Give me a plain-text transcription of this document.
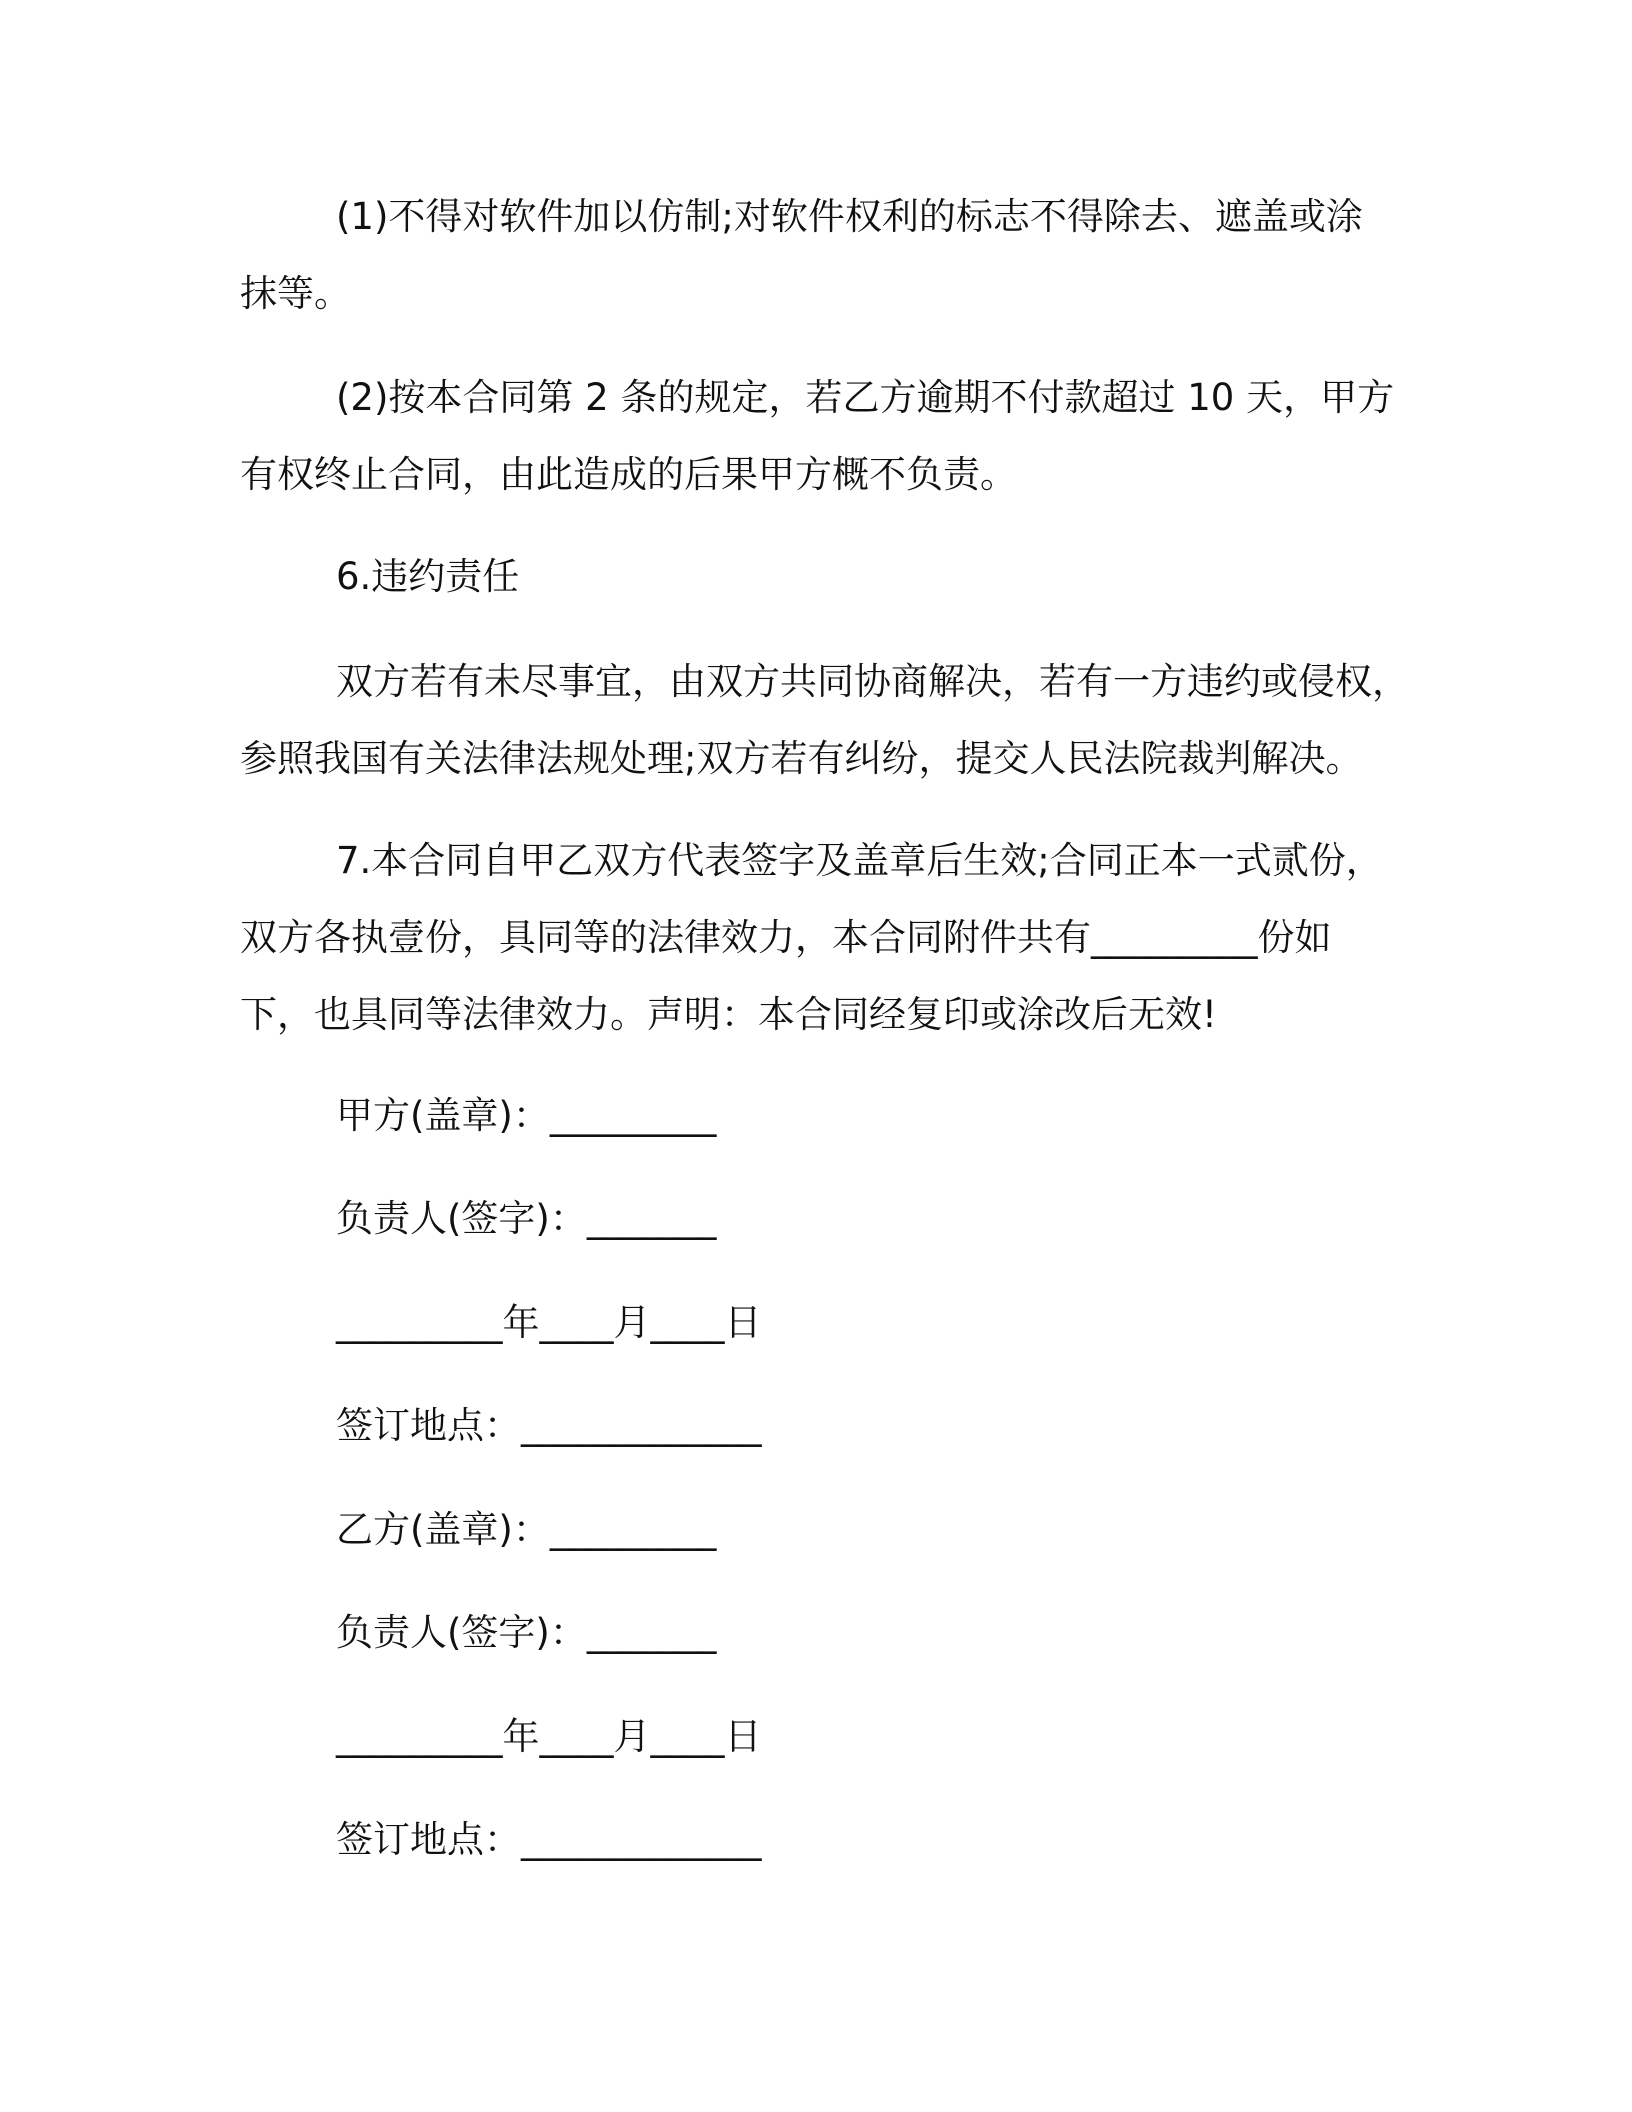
(1)不得对软件加以仿制;对软件权利的标志不得除去、遮盖或涂
抹等。
(2)按本合同第 2 条的规定，若乙方逾期不付款超过 10 天，甲方
有权终止合同，由此造成的后果甲方概不负责。
6.违约责任
双方若有未尽事宜，由双方共同协商解决，若有一方违约或侵权，
参照我国有关法律法规处理;双方若有纠纷，提交人民法院裁判解决。
7.本合同自甲乙双方代表签字及盖章后生效;合同正本一式贰份，
双方各执壹份，具同等的法律效力，本合同附件共有_________份如
下，也具同等法律效力。声明：本合同经复印或涂改后无效!
甲方(盖章)：_________
负责人(签字)：_______
_________年____月____日
签订地点：_____________
乙方(盖章)：_________
负责人(签字)：_______
_________年____月____日
签订地点：_____________
